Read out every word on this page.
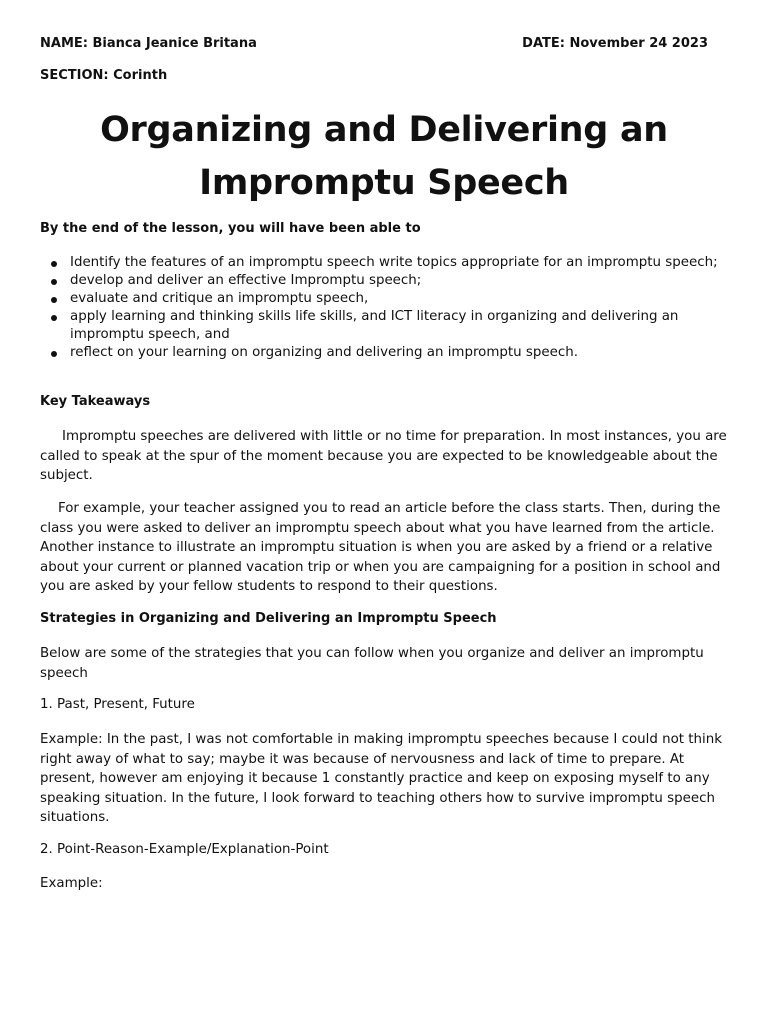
NAME: Bianca Jeanice Britana	DATE: November 24 2023
SECTION: Corinth
Organizing and Delivering an
Impromptu Speech
By the end of the lesson, you will have been able to
Identify the features of an impromptu speech write topics appropriate for an impromptu speech;
develop and deliver an effective Impromptu speech;
evaluate and critique an impromptu speech,
apply learning and thinking skills life skills, and ICT literacy in organizing and delivering an impromptu speech, and
reflect on your learning on organizing and delivering an impromptu speech.
Key Takeaways

Impromptu speeches are delivered with little or no time for preparation. In most instances, you are called to speak at the spur of the moment because you are expected to be knowledgeable about the subject.

For example, your teacher assigned you to read an article before the class starts. Then, during the class you were asked to deliver an impromptu speech about what you have learned from the article. Another instance to illustrate an impromptu situation is when you are asked by a friend or a relative about your current or planned vacation trip or when you are campaigning for a position in school and you are asked by your fellow students to respond to their questions.

Strategies in Organizing and Delivering an Impromptu Speech

Below are some of the strategies that you can follow when you organize and deliver an impromptu speech

1. Past, Present, Future

Example: In the past, I was not comfortable in making impromptu speeches because I could not think right away of what to say; maybe it was because of nervousness and lack of time to prepare. At present, however am enjoying it because 1 constantly practice and keep on exposing myself to any speaking situation. In the future, I look forward to teaching others how to survive impromptu speech situations.

2. Point-Reason-Example/Explanation-Point
Example:
